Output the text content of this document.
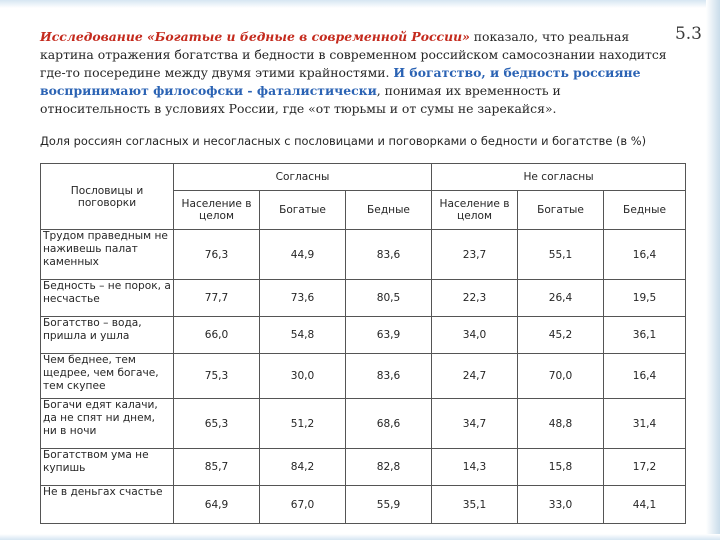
5.3
Исследование «Богатые и бедные в современной России» показало, что реальная картина отражения богатства и бедности в современном российском самосознании находится где-то посередине между двумя этими крайностями. И богатство, и бедность россияне воспринимают философски - фаталистически, понимая их временность и относительность в условиях России, где «от тюрьмы и от сумы не зарекайся».
Доля россиян согласных и несогласных с пословицами и поговорками о бедности и богатстве (в %)
Пословицы и поговорки	Согласны			Не согласны		
	Население в целом	Богатые	Бедные	Население в целом	Богатые	Бедные
Трудом праведным не наживешь палат каменных	76,3	44,9	83,6	23,7	55,1	16,4
Бедность – не порок, а несчастье	77,7	73,6	80,5	22,3	26,4	19,5
Богатство – вода, пришла и ушла	66,0	54,8	63,9	34,0	45,2	36,1
Чем беднее, тем щедрее, чем богаче, тем скупее	75,3	30,0	83,6	24,7	70,0	16,4
Богачи едят калачи, да не спят ни днем, ни в ночи	65,3	51,2	68,6	34,7	48,8	31,4
Богатством ума не купишь	85,7	84,2	82,8	14,3	15,8	17,2
Не в деньгах счастье	64,9	67,0	55,9	35,1	33,0	44,1
